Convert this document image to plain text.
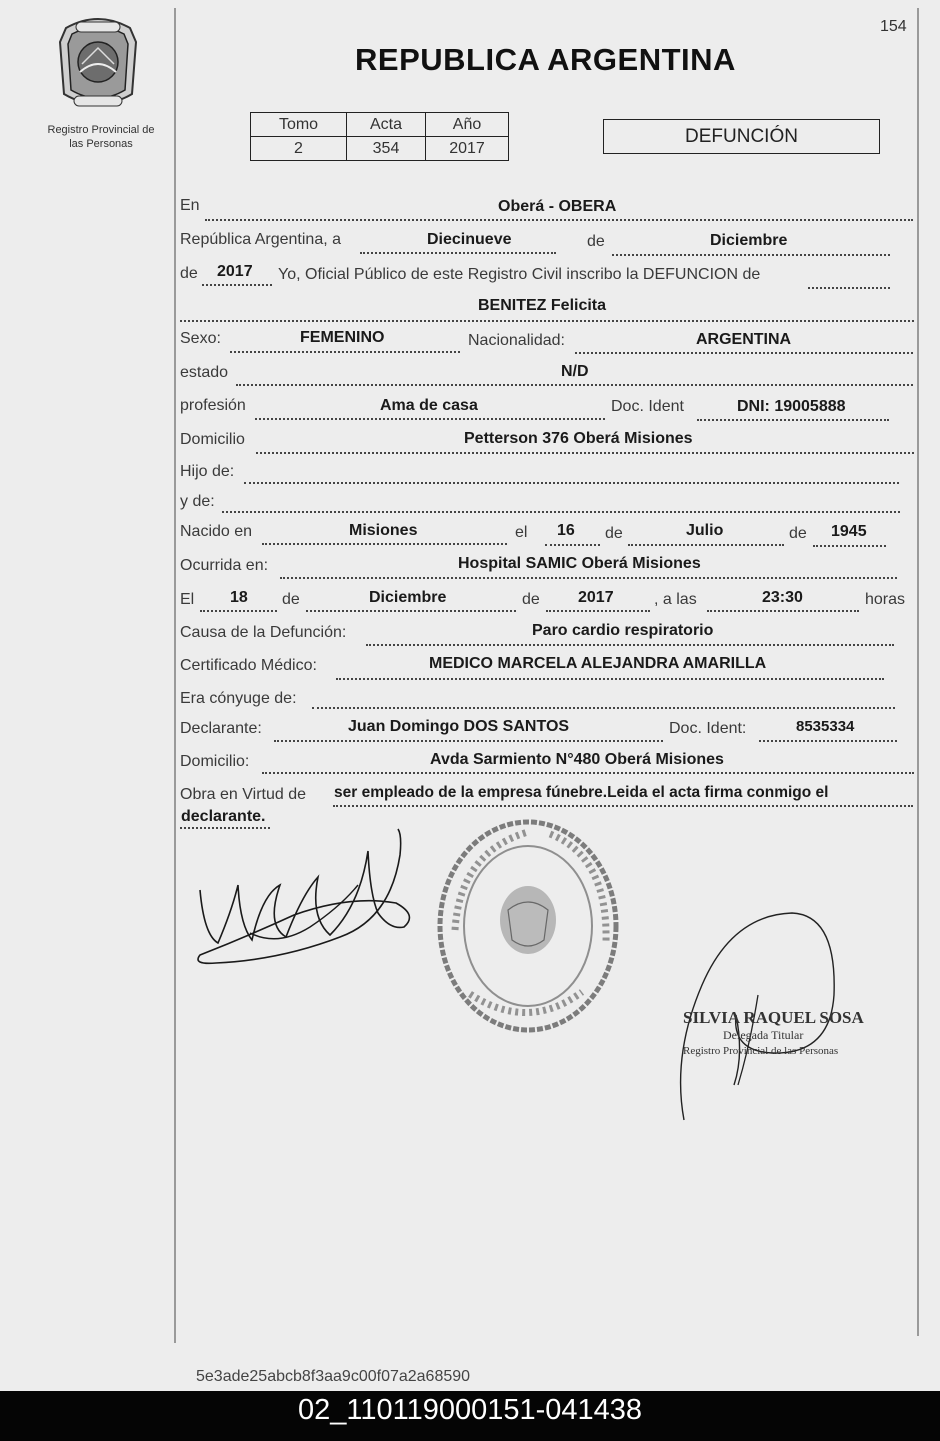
154
Registro Provincial de
las Personas
REPUBLICA ARGENTINA
Tomo	Acta	Año
2	354	2017
DEFUNCIÓN
En	Oberá - OBERA
República Argentina, a	Diecinueve	de	Diciembre
de 2017 Yo, Oficial Público de este Registro Civil inscribo la DEFUNCION de
BENITEZ Felicita
Sexo:	FEMENINO	Nacionalidad:	ARGENTINA
estado	N/D
profesión	Ama de casa	Doc. Ident	DNI: 19005888
Domicilio	Petterson 376 Oberá Misiones
Hijo de:
y de:
Nacido en	Misiones	el 16 de	Julio	de 1945
Ocurrida en:	Hospital SAMIC Oberá Misiones
El 18 de	Diciembre	de 2017	, a las	23:30	horas
Causa de la Defunción:	Paro cardio respiratorio
Certificado Médico:	MEDICO MARCELA ALEJANDRA AMARILLA
Era cónyuge de:
Declarante:	Juan Domingo DOS SANTOS	Doc. Ident:	8535334
Domicilio:	Avda Sarmiento N°480 Oberá Misiones
Obra en Virtud de ser empleado de la empresa fúnebre.Leida el acta firma conmigo el
declarante.
SILVIA RAQUEL SOSA
Delegada Titular
Registro Provincial de las Personas
5e3ade25abcb8f3aa9c00f07a2a68590
02_110119000151-041438
